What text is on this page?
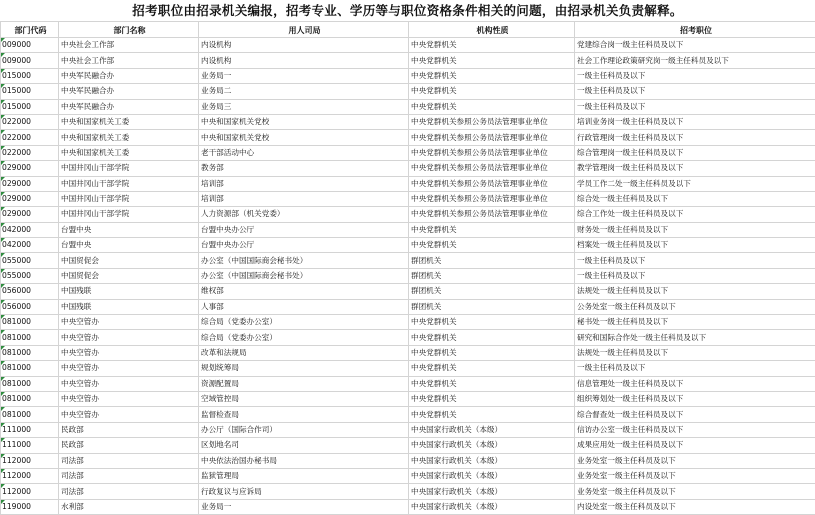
招考职位由招录机关编报，招考专业、学历等与职位资格条件相关的问题，由招录机关负责解释。
部门代码	部门名称	用人司局	机构性质	招考职位
009000	中央社会工作部	内设机构	中央党群机关	党建综合岗一级主任科员及以下
009000	中央社会工作部	内设机构	中央党群机关	社会工作理论政策研究岗一级主任科员及以下
015000	中央军民融合办	业务局一	中央党群机关	一级主任科员及以下
015000	中央军民融合办	业务局二	中央党群机关	一级主任科员及以下
015000	中央军民融合办	业务局三	中央党群机关	一级主任科员及以下
022000	中央和国家机关工委	中央和国家机关党校	中央党群机关参照公务员法管理事业单位	培训业务岗一级主任科员及以下
022000	中央和国家机关工委	中央和国家机关党校	中央党群机关参照公务员法管理事业单位	行政管理岗一级主任科员及以下
022000	中央和国家机关工委	老干部活动中心	中央党群机关参照公务员法管理事业单位	综合管理岗一级主任科员及以下
029000	中国井冈山干部学院	教务部	中央党群机关参照公务员法管理事业单位	教学管理岗一级主任科员及以下
029000	中国井冈山干部学院	培训部	中央党群机关参照公务员法管理事业单位	学员工作二处一级主任科员及以下
029000	中国井冈山干部学院	培训部	中央党群机关参照公务员法管理事业单位	综合处一级主任科员及以下
029000	中国井冈山干部学院	人力资源部（机关党委）	中央党群机关参照公务员法管理事业单位	综合工作处一级主任科员及以下
042000	台盟中央	台盟中央办公厅	中央党群机关	财务处一级主任科员及以下
042000	台盟中央	台盟中央办公厅	中央党群机关	档案处一级主任科员及以下
055000	中国贸促会	办公室（中国国际商会秘书处）	群团机关	一级主任科员及以下
055000	中国贸促会	办公室（中国国际商会秘书处）	群团机关	一级主任科员及以下
056000	中国残联	维权部	群团机关	法规处一级主任科员及以下
056000	中国残联	人事部	群团机关	公务处室一级主任科员及以下
081000	中央空管办	综合局（党委办公室）	中央党群机关	秘书处一级主任科员及以下
081000	中央空管办	综合局（党委办公室）	中央党群机关	研究和国际合作处一级主任科员及以下
081000	中央空管办	改革和法规局	中央党群机关	法规处一级主任科员及以下
081000	中央空管办	规划统筹局	中央党群机关	一级主任科员及以下
081000	中央空管办	资源配置局	中央党群机关	信息管理处一级主任科员及以下
081000	中央空管办	空域管控局	中央党群机关	组织筹划处一级主任科员及以下
081000	中央空管办	监督检查局	中央党群机关	综合督查处一级主任科员及以下
111000	民政部	办公厅（国际合作司）	中央国家行政机关（本级）	信访办公室一级主任科员及以下
111000	民政部	区划地名司	中央国家行政机关（本级）	成果应用处一级主任科员及以下
112000	司法部	中央依法治国办秘书局	中央国家行政机关（本级）	业务处室一级主任科员及以下
112000	司法部	监狱管理局	中央国家行政机关（本级）	业务处室一级主任科员及以下
112000	司法部	行政复议与应诉局	中央国家行政机关（本级）	业务处室一级主任科员及以下
119000	水利部	业务局一	中央国家行政机关（本级）	内设处室一级主任科员及以下
